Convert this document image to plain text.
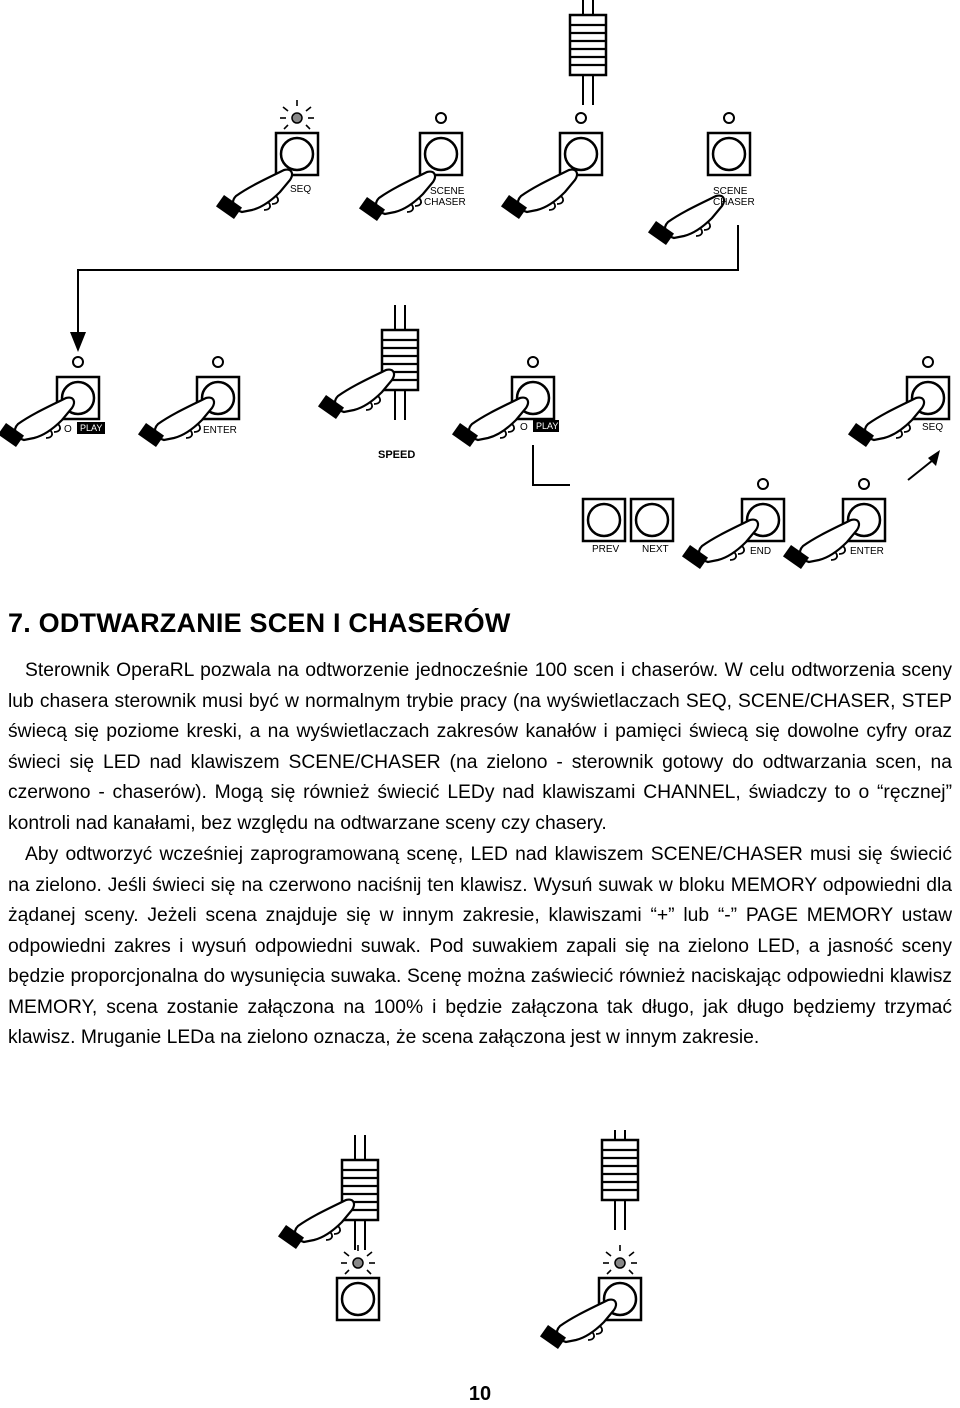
SEQ	SCENE
CHASER
SCENE
CHASER
O PLAY	ENTER
SPEED
O PLAY	SEQ
PREV NEXT	END	ENTER
7. ODTWARZANIE SCEN I CHASERÓW

Sterownik OperaRL pozwala na odtworzenie jednocześnie 100 scen i chaserów. W celu odtworzenia sceny lub chasera sterownik musi być w normalnym trybie pracy (na wyświetlaczach SEQ, SCENE/CHASER, STEP świecą się poziome kreski, a na wyświetlaczach zakresów kanałów i pamięci świecą się dowolne cyfry oraz świeci się LED nad klawiszem SCENE/CHASER (na zielono - sterownik gotowy do odtwarzania scen, na czerwono - chaserów). Mogą się również świecić LEDy nad klawiszami CHANNEL, świadczy to o “ręcznej” kontroli nad kanałami, bez względu na odtwarzane sceny czy chasery.

Aby odtworzyć wcześniej zaprogramowaną scenę, LED nad klawiszem SCENE/CHASER musi się świecić na zielono. Jeśli świeci się na czerwono naciśnij ten klawisz. Wysuń suwak w bloku MEMORY odpowiedni dla żądanej sceny. Jeżeli scena znajduje się w innym zakresie, klawiszami “+” lub “-” PAGE MEMORY ustaw odpowiedni zakres i wysuń odpowiedni suwak. Pod suwakiem zapali się na zielono LED, a jasność sceny będzie proporcjonalna do wysunięcia suwaka. Scenę można zaświecić również naciskając odpowiedni klawisz MEMORY, scena zostanie załączona na 100% i będzie załączona tak długo, jak długo będziemy trzymać klawisz. Mruganie LEDa na zielono oznacza, że scena załączona jest w innym zakresie.

10
